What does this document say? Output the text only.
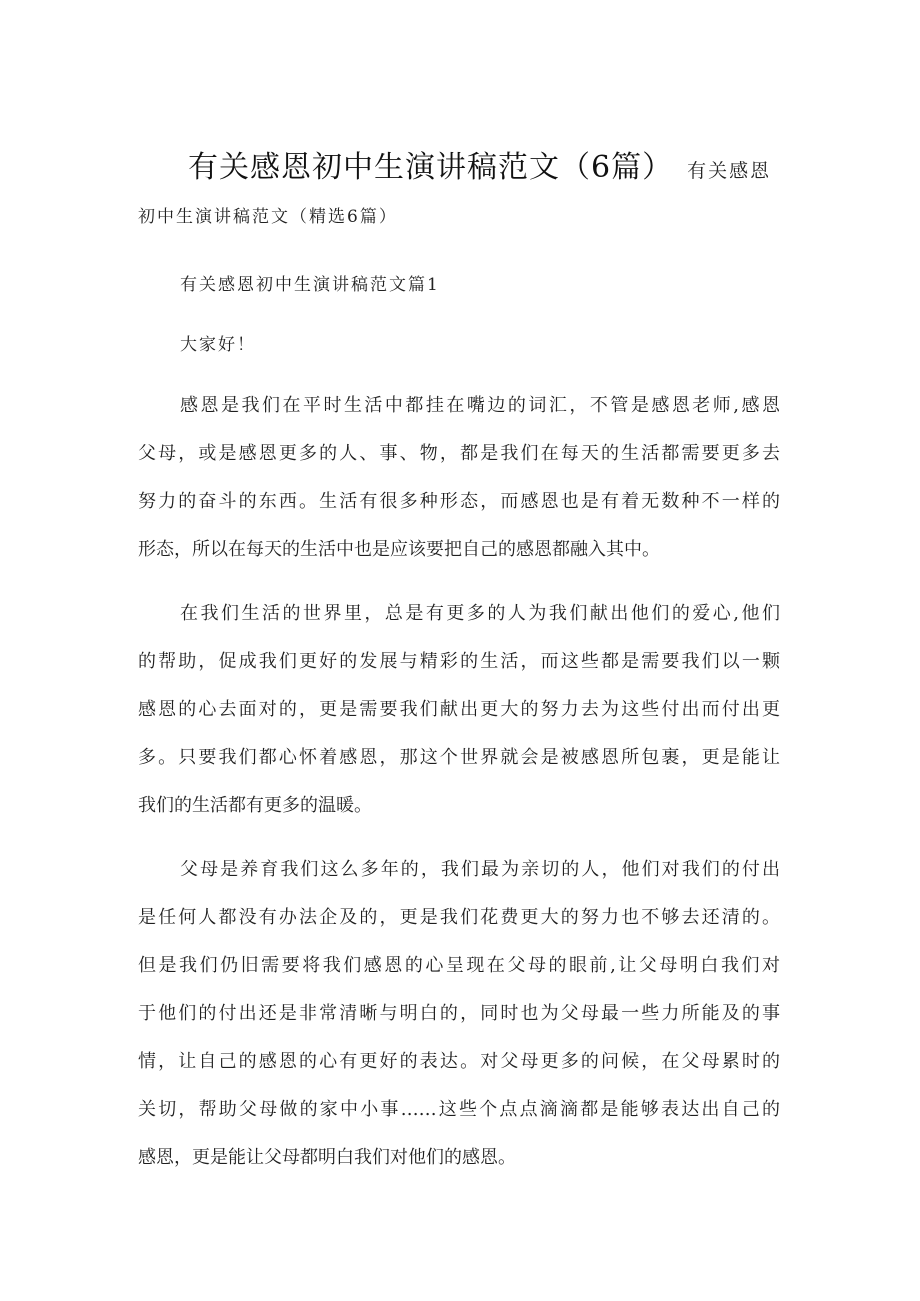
有关感恩初中生演讲稿范文（6篇） 有关感恩
初中生演讲稿范文（精选6篇）
有关感恩初中生演讲稿范文篇1
大家好！

感恩是我们在平时生活中都挂在嘴边的词汇，不管是感恩老师,感恩
父母，或是感恩更多的人、事、物，都是我们在每天的生活都需要更多去
努力的奋斗的东西。生活有很多种形态，而感恩也是有着无数种不一样的
形态，所以在每天的生活中也是应该要把自己的感恩都融入其中。

在我们生活的世界里，总是有更多的人为我们献出他们的爱心,他们
的帮助，促成我们更好的发展与精彩的生活，而这些都是需要我们以一颗
感恩的心去面对的，更是需要我们献出更大的努力去为这些付出而付出更
多。只要我们都心怀着感恩，那这个世界就会是被感恩所包裹，更是能让
我们的生活都有更多的温暖。

父母是养育我们这么多年的，我们最为亲切的人，他们对我们的付出
是任何人都没有办法企及的，更是我们花费更大的努力也不够去还清的。
但是我们仍旧需要将我们感恩的心呈现在父母的眼前,让父母明白我们对
于他们的付出还是非常清晰与明白的，同时也为父母最一些力所能及的事
情，让自己的感恩的心有更好的表达。对父母更多的问候，在父母累时的
关切，帮助父母做的家中小事……这些个点点滴滴都是能够表达出自己的
感恩，更是能让父母都明白我们对他们的感恩。
